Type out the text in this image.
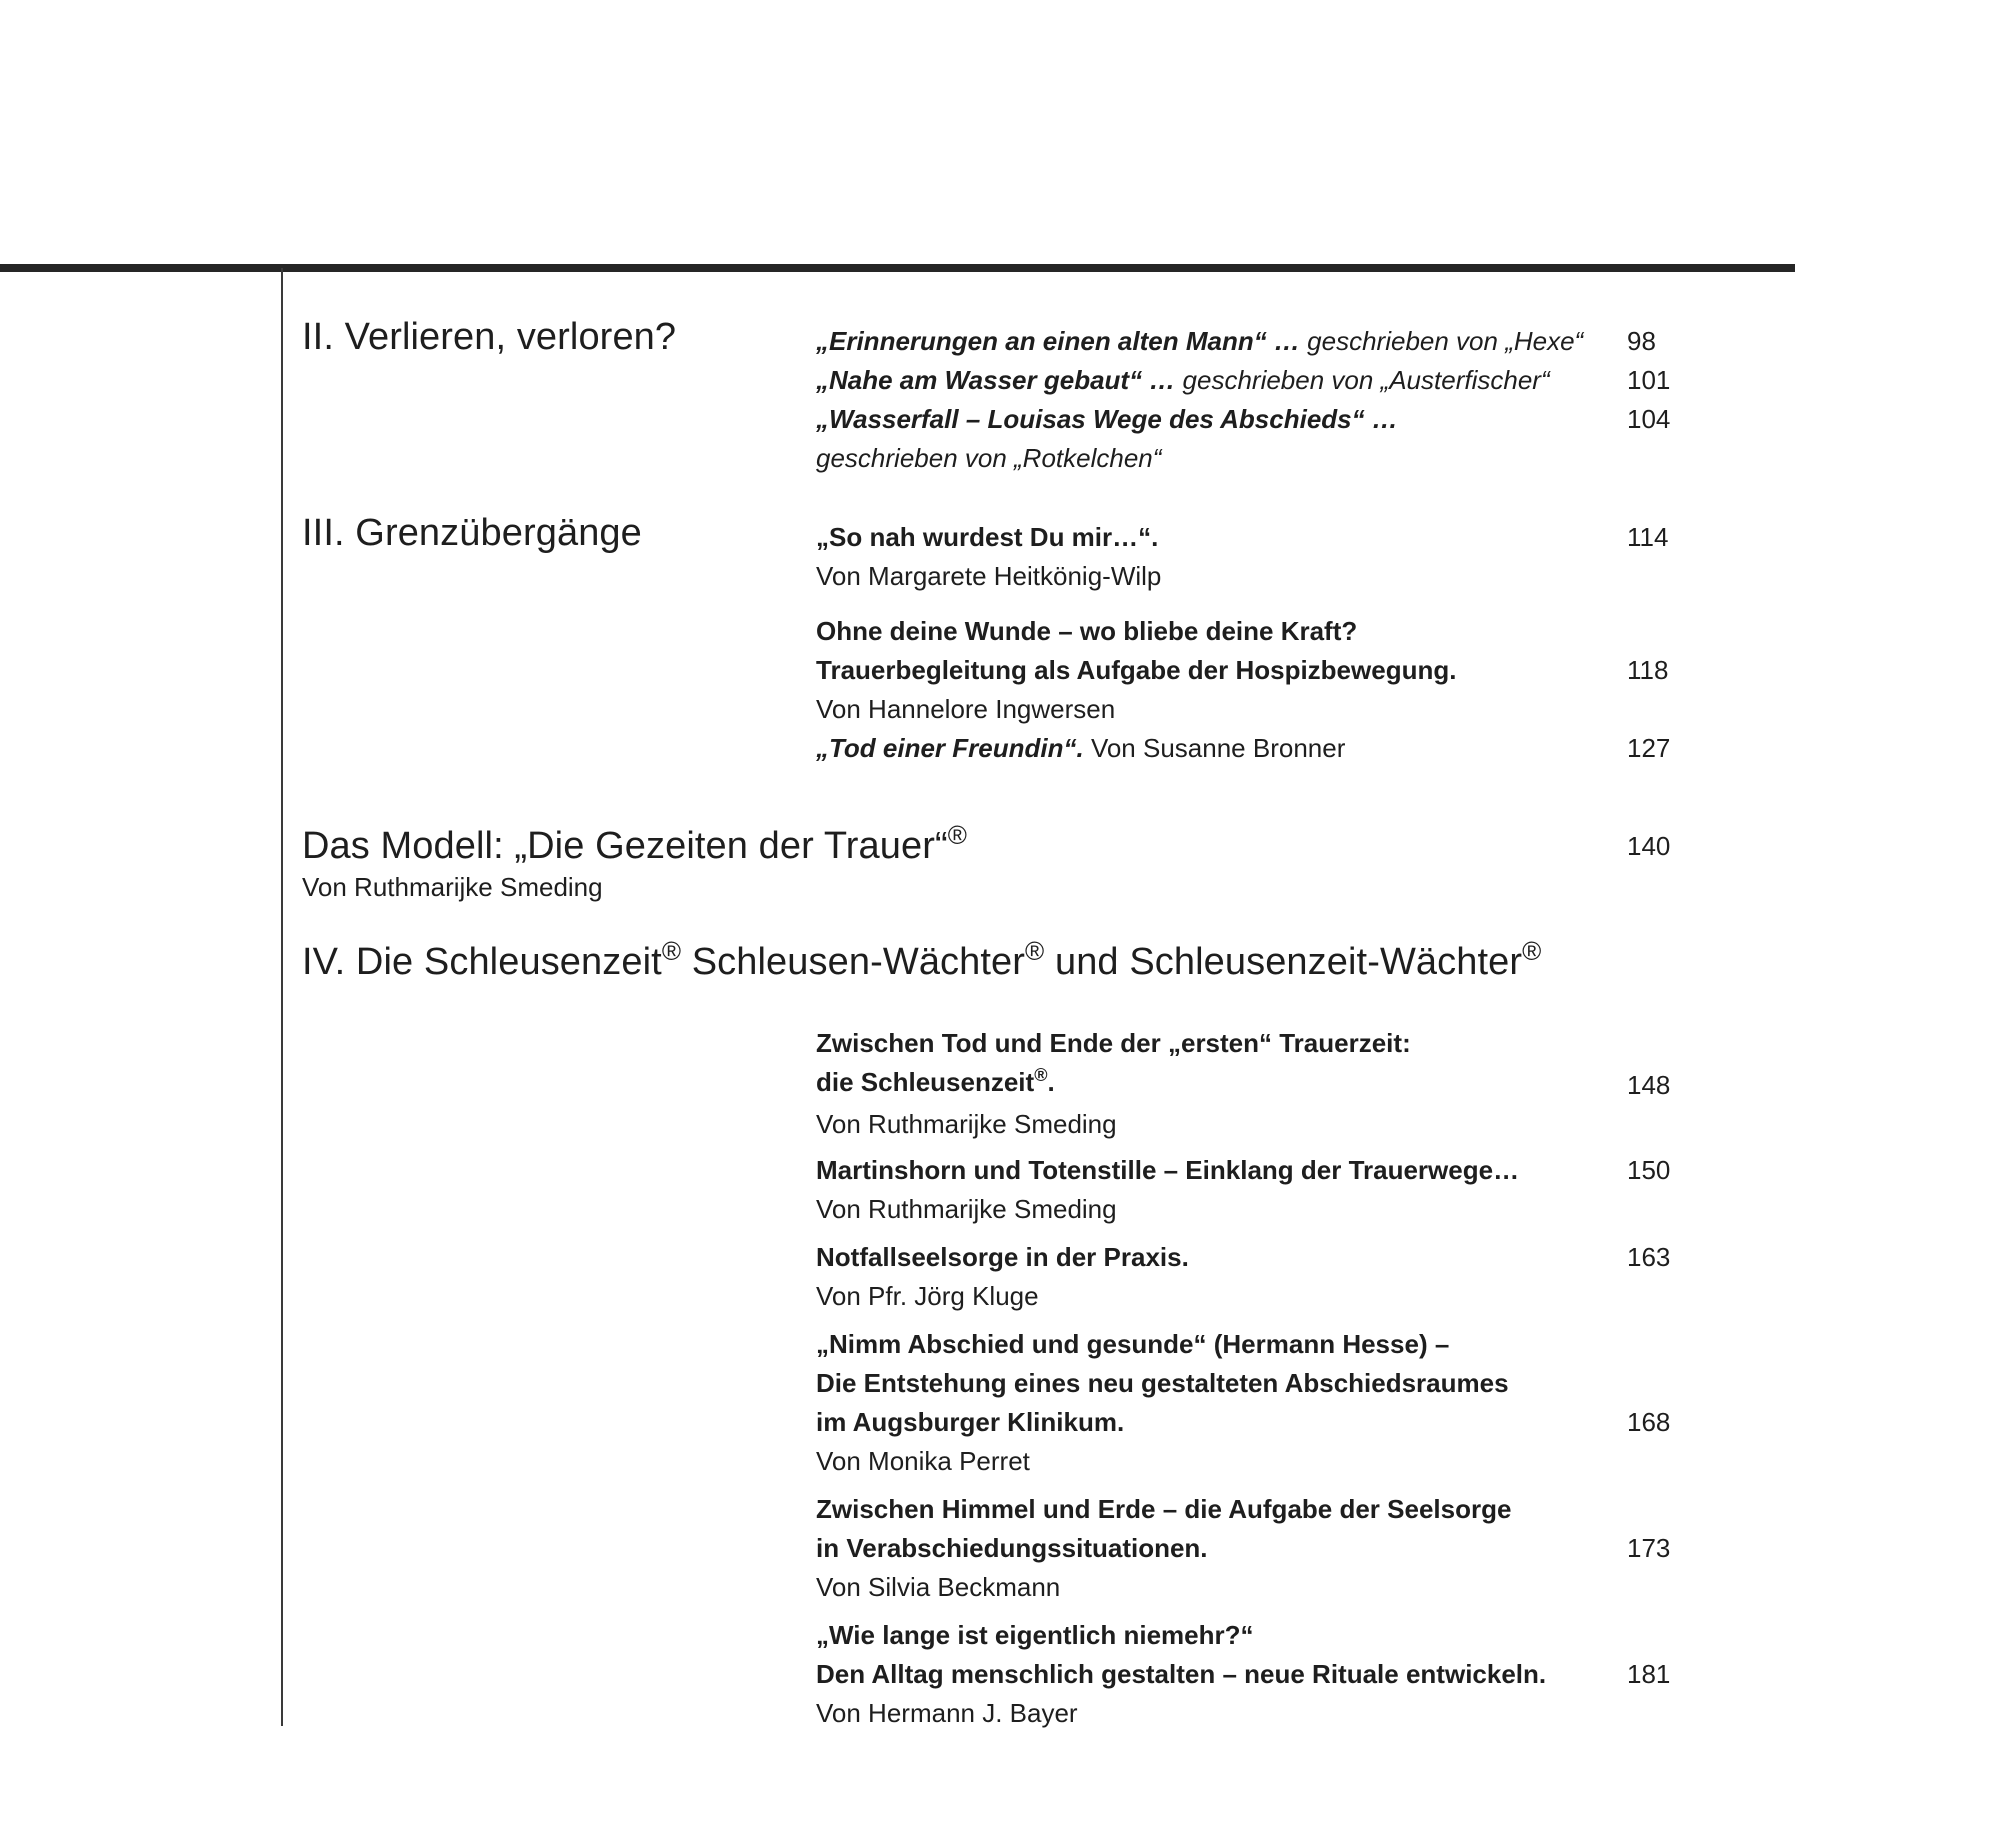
II. Verlieren, verloren?	„Erinnerungen an einen alten Mann“ … geschrieben von „Hexe“ 98
„Nahe am Wasser gebaut“ … geschrieben von „Austerfischer“	101
„Wasserfall – Louisas Wege des Abschieds“ …	104
geschrieben von „Rotkelchen“
III. Grenzübergänge	„So nah wurdest Du mir…“.	114
Von Margarete Heitkönig-Wilp
Ohne deine Wunde – wo bliebe deine Kraft?
Trauerbegleitung als Aufgabe der Hospizbewegung.	118
Von Hannelore Ingwersen
„Tod einer Freundin“. Von Susanne Bronner	127
Das Modell: „Die Gezeiten der Trauer“®	140
Von Ruthmarijke Smeding
IV. Die Schleusenzeit® Schleusen-Wächter® und Schleusenzeit-Wächter®
Zwischen Tod und Ende der „ersten“ Trauerzeit:
die Schleusenzeit®.	148
Von Ruthmarijke Smeding
Martinshorn und Totenstille – Einklang der Trauerwege…	150
Von Ruthmarijke Smeding
Notfallseelsorge in der Praxis.	163
Von Pfr. Jörg Kluge
„Nimm Abschied und gesunde“ (Hermann Hesse) –
Die Entstehung eines neu gestalteten Abschiedsraumes
im Augsburger Klinikum.	168
Von Monika Perret
Zwischen Himmel und Erde – die Aufgabe der Seelsorge
in Verabschiedungssituationen.	173
Von Silvia Beckmann
„Wie lange ist eigentlich niemehr?“
Den Alltag menschlich gestalten – neue Rituale entwickeln.	181
Von Hermann J. Bayer
